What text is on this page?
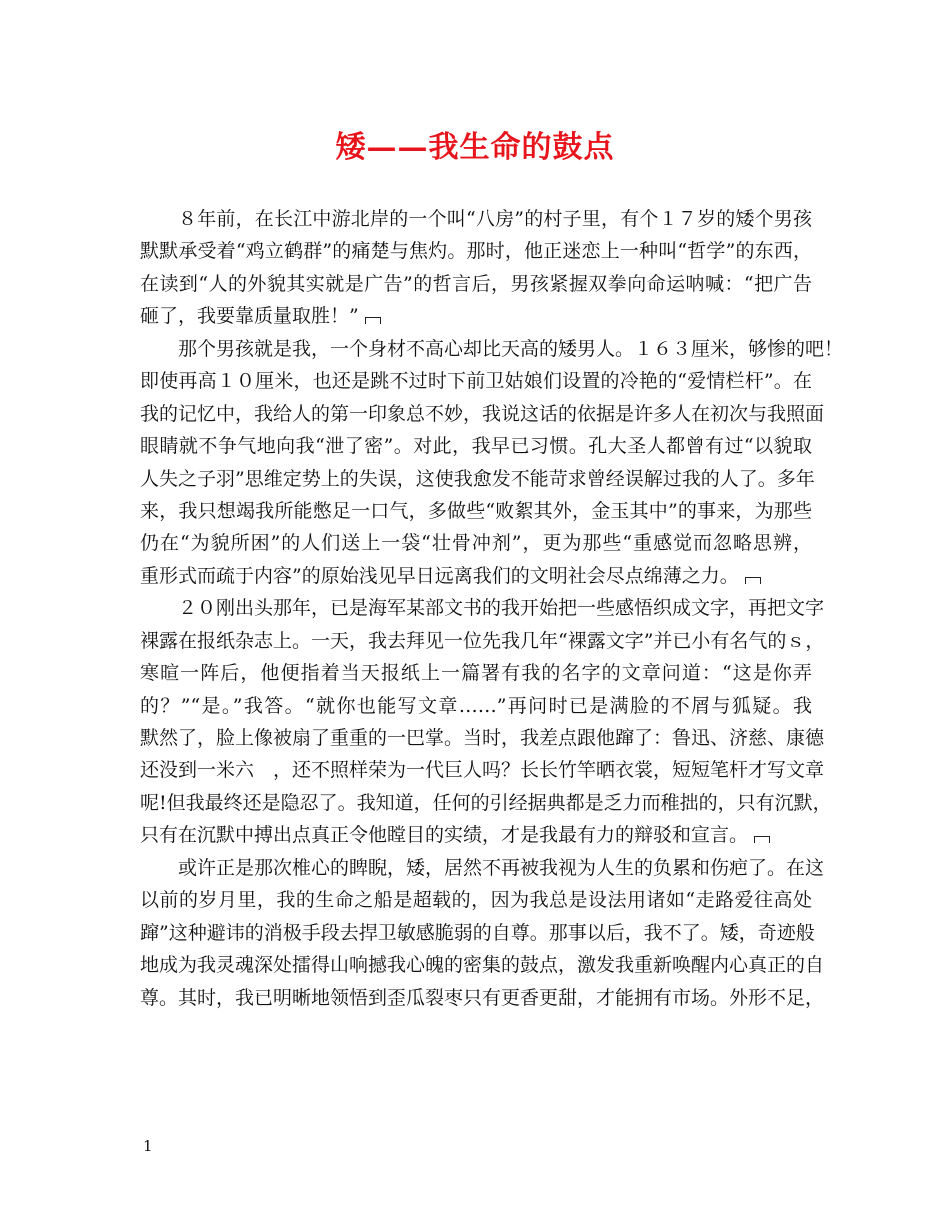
矮——我生命的鼓点
８年前，在长江中游北岸的一个叫“八房”的村子里，有个１７岁的矮个男孩
默默承受着“鸡立鹤群”的痛楚与焦灼。那时，他正迷恋上一种叫“哲学”的东西，
在读到“人的外貌其实就是广告”的哲言后，男孩紧握双拳向命运呐喊：“把广告
砸了，我要靠质量取胜！”
那个男孩就是我，一个身材不高心却比天高的矮男人。１６３厘米，够惨的吧！
即使再高１０厘米，也还是跳不过时下前卫姑娘们设置的冷艳的“爱情栏杆”。在
我的记忆中，我给人的第一印象总不妙，我说这话的依据是许多人在初次与我照面
眼睛就不争气地向我“泄了密”。对此，我早已习惯。孔大圣人都曾有过“以貌取
人失之子羽”思维定势上的失误，这使我愈发不能苛求曾经误解过我的人了。多年
来，我只想竭我所能憋足一口气，多做些“败絮其外，金玉其中”的事来，为那些
仍在“为貌所困”的人们送上一袋“壮骨冲剂”，更为那些“重感觉而忽略思辨，
重形式而疏于内容”的原始浅见早日远离我们的文明社会尽点绵薄之力。
２０刚出头那年，已是海军某部文书的我开始把一些感悟织成文字，再把文字
裸露在报纸杂志上。一天，我去拜见一位先我几年“裸露文字”并已小有名气的ｓ，
寒暄一阵后，他便指着当天报纸上一篇署有我的名字的文章问道：“这是你弄
的？”“是。”我答。“就你也能写文章……”再问时已是满脸的不屑与狐疑。我
默然了，脸上像被扇了重重的一巴掌。当时，我差点跟他蹿了：鲁迅、济慈、康德
还没到一米六　，还不照样荣为一代巨人吗？长长竹竿晒衣裳，短短笔杆才写文章
呢!但我最终还是隐忍了。我知道，任何的引经据典都是乏力而稚拙的，只有沉默，
只有在沉默中搏出点真正令他瞠目的实绩，才是我最有力的辩驳和宣言。
或许正是那次椎心的睥睨，矮，居然不再被我视为人生的负累和伤疤了。在这
以前的岁月里，我的生命之船是超载的，因为我总是设法用诸如“走路爱往高处
蹿”这种避讳的消极手段去捍卫敏感脆弱的自尊。那事以后，我不了。矮，奇迹般
地成为我灵魂深处擂得山响撼我心魄的密集的鼓点，激发我重新唤醒内心真正的自
尊。其时，我已明晰地领悟到歪瓜裂枣只有更香更甜，才能拥有市场。外形不足，
1
